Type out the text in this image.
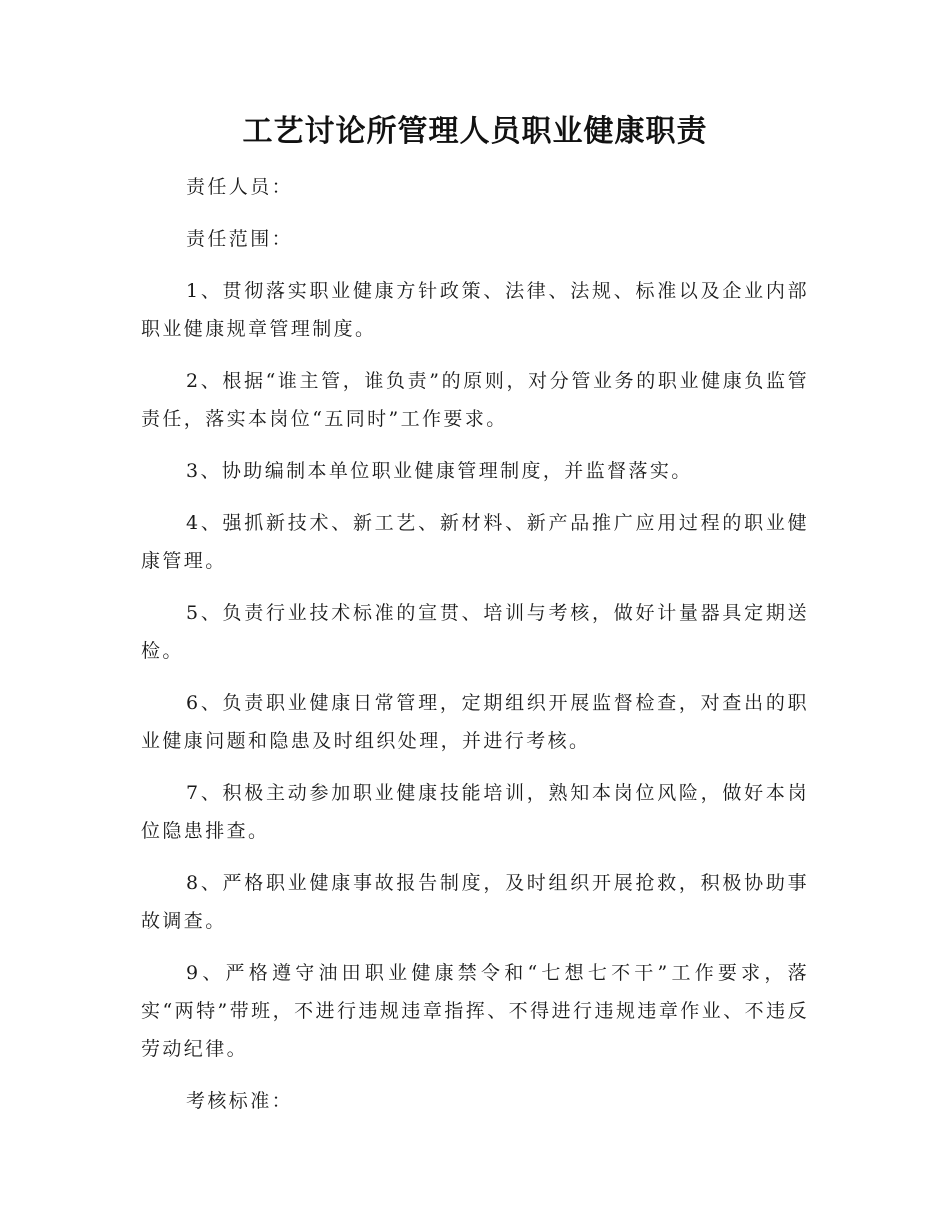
工艺讨论所管理人员职业健康职责

责任人员：

责任范围：

1、贯彻落实职业健康方针政策、法律、法规、标准以及企业内部职业健康规章管理制度。

2、根据“谁主管，谁负责”的原则，对分管业务的职业健康负监管责任，落实本岗位“五同时”工作要求。

3、协助编制本单位职业健康管理制度，并监督落实。

4、强抓新技术、新工艺、新材料、新产品推广应用过程的职业健康管理。

5、负责行业技术标准的宣贯、培训与考核，做好计量器具定期送检。

6、负责职业健康日常管理，定期组织开展监督检查，对查出的职业健康问题和隐患及时组织处理，并进行考核。

7、积极主动参加职业健康技能培训，熟知本岗位风险，做好本岗位隐患排查。

8、严格职业健康事故报告制度，及时组织开展抢救，积极协助事故调查。

9、严格遵守油田职业健康禁令和“七想七不干”工作要求，落实“两特”带班，不进行违规违章指挥、不得进行违规违章作业、不违反劳动纪律。

考核标准：
